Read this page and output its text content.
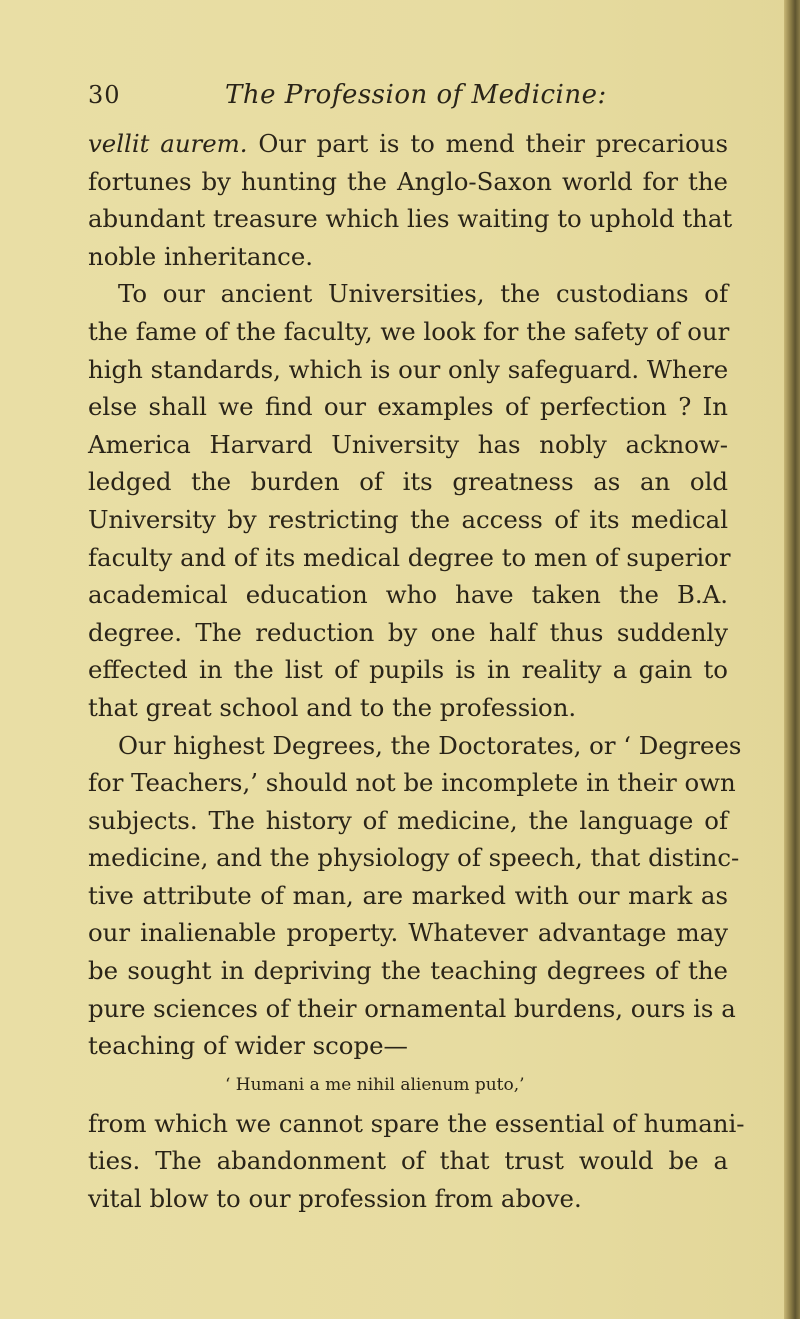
30	The Profession of Medicine:
vellit aurem. Our part is to mend their precarious
fortunes by hunting the Anglo-Saxon world for the
abundant treasure which lies waiting to uphold that
noble inheritance.
To our ancient Universities, the custodians of
the fame of the faculty, we look for the safety of our
high standards, which is our only safeguard. Where
else shall we find our examples of perfection ? In
America Harvard University has nobly acknow-
ledged the burden of its greatness as an old
University by restricting the access of its medical
faculty and of its medical degree to men of superior
academical education who have taken the B.A.
degree. The reduction by one half thus suddenly
effected in the list of pupils is in reality a gain to
that great school and to the profession.
Our highest Degrees, the Doctorates, or ‘ Degrees
for Teachers,’ should not be incomplete in their own
subjects. The history of medicine, the language of
medicine, and the physiology of speech, that distinc-
tive attribute of man, are marked with our mark as
our inalienable property. Whatever advantage may
be sought in depriving the teaching degrees of the
pure sciences of their ornamental burdens, ours is a
teaching of wider scope—
‘ Humani a me nihil alienum puto,’
from which we cannot spare the essential of humani-
ties. The abandonment of that trust would be a
vital blow to our profession from above.
